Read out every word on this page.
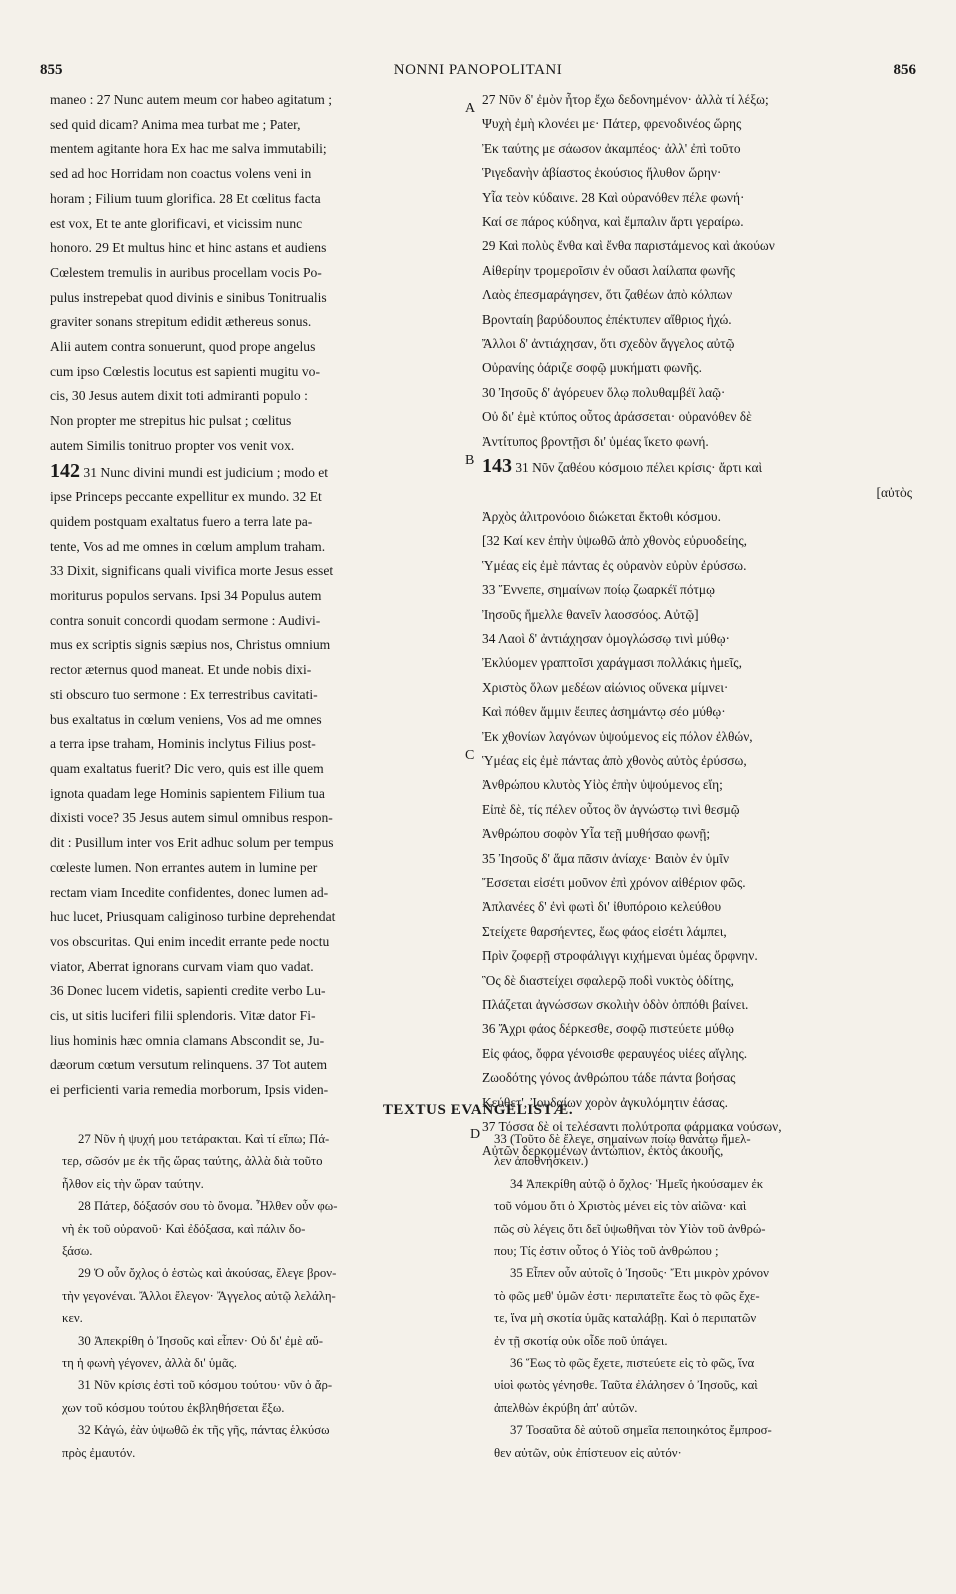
855	NONNI PANOPOLITANI	856
A
B
C
D
maneo : 27 Nunc autem meum cor habeo agitatum ;
sed quid dicam? Anima mea turbat me ; Pater,
mentem agitante hora Ex hac me salva immutabili;
sed ad hoc Horridam non coactus volens veni in
horam ; Filium tuum glorifica. 28 Et cœlitus facta
est vox, Et te ante glorificavi, et vicissim nunc
honoro. 29 Et multus hinc et hinc astans et audiens
Cœlestem tremulis in auribus procellam vocis Po-
pulus instrepebat quod divinis e sinibus Tonitrualis
graviter sonans strepitum edidit æthereus sonus.
Alii autem contra sonuerunt, quod prope angelus
cum ipso Cœlestis locutus est sapienti mugitu vo-
cis, 30 Jesus autem dixit toti admiranti populo :
Non propter me strepitus hic pulsat ; cœlitus
autem Similis tonitruo propter vos venit vox.
142 31 Nunc divini mundi est judicium ; modo et
ipse Princeps peccante expellitur ex mundo. 32 Et
quidem postquam exaltatus fuero a terra late pa-
tente, Vos ad me omnes in cœlum amplum traham.
33 Dixit, significans quali vivifica morte Jesus esset
moriturus populos servans. Ipsi 34 Populus autem
contra sonuit concordi quodam sermone : Audivi-
mus ex scriptis signis sæpius nos, Christus omnium
rector æternus quod maneat. Et unde nobis dixi-
sti obscuro tuo sermone : Ex terrestribus cavitati-
bus exaltatus in cœlum veniens, Vos ad me omnes
a terra ipse traham, Hominis inclytus Filius post-
quam exaltatus fuerit? Dic vero, quis est ille quem
ignota quadam lege Hominis sapientem Filium tua
dixisti voce? 35 Jesus autem simul omnibus respon-
dit : Pusillum inter vos Erit adhuc solum per tempus
cœleste lumen. Non errantes autem in lumine per
rectam viam Incedite confidentes, donec lumen ad-
huc lucet, Priusquam caliginoso turbine deprehendat
vos obscuritas. Qui enim incedit errante pede noctu
viator, Aberrat ignorans curvam viam quo vadat.
36 Donec lucem videtis, sapienti credite verbo Lu-
cis, ut sitis luciferi filii splendoris. Vitæ dator Fi-
lius hominis hæc omnia clamans Abscondit se, Ju-
dæorum cœtum versutum relinquens. 37 Tot autem
ei perficienti varia remedia morborum, Ipsis viden-
27 Νῦν δ' ἐμὸν ἦτορ ἔχω δεδονημένον· ἀλλὰ τί λέξω;
Ψυχὴ ἐμὴ κλονέει με· Πάτερ, φρενοδινέος ὥρης
Ἐκ ταύτης με σάωσον ἀκαμπέος· ἀλλ' ἐπὶ τοῦτο
Ῥιγεδανὴν ἀβίαστος ἑκούσιος ἤλυθον ὥρην·
Υἷα τεὸν κύδαινε. 28 Καὶ οὐρανόθεν πέλε φωνή·
Καί σε πάρος κύδηνα, καὶ ἔμπαλιν ἄρτι γεραίρω.
29 Καὶ πολὺς ἔνθα καὶ ἔνθα παριστάμενος καὶ ἀκούων
Αἰθερίην τρομεροῖσιν ἐν οὔασι λαίλαπα φωνῆς
Λαὸς ἐπεσμαράγησεν, ὅτι ζαθέων ἀπὸ κόλπων
Βρονταίη βαρύδουπος ἐπέκτυπεν αἴθριος ἠχώ.
Ἄλλοι δ' ἀντιάχησαν, ὅτι σχεδὸν ἄγγελος αὐτῷ
Οὐρανίης ὀάριζε σοφῷ μυκήματι φωνῆς.
30 Ἰησοῦς δ' ἀγόρευεν ὅλῳ πολυθαμβέϊ λαῷ·
Οὐ δι' ἐμὲ κτύπος οὗτος ἀράσσεται· οὐρανόθεν δὲ
Ἀντίτυπος βροντῇσι δι' ὑμέας ἵκετο φωνή.
143 31 Νῦν ζαθέου κόσμοιο πέλει κρίσις· ἄρτι καὶ
[αὐτὸς
Ἀρχὸς ἀλιτρονόοιο διώκεται ἔκτοθι κόσμου.
[32 Καί κεν ἐπὴν ὑψωθῶ ἀπὸ χθονὸς εὐρυοδείης,
Ὑμέας εἰς ἐμὲ πάντας ἐς οὐρανὸν εὐρὺν ἐρύσσω.
33 Ἔννεπε, σημαίνων ποίῳ ζωαρκέϊ πότμῳ
Ἰησοῦς ἤμελλε θανεῖν λαοσσόος. Αὐτῷ]
34 Λαοὶ δ' ἀντιάχησαν ὁμογλώσσῳ τινὶ μύθῳ·
Ἐκλύομεν γραπτοῖσι χαράγμασι πολλάκις ἡμεῖς,
Χριστὸς ὅλων μεδέων αἰώνιος οὕνεκα μίμνει·
Καὶ πόθεν ἄμμιν ἔειπες ἀσημάντῳ σέο μύθῳ·
Ἐκ χθονίων λαγόνων ὑψούμενος εἰς πόλον ἐλθών,
Ὑμέας εἰς ἐμὲ πάντας ἀπὸ χθονὸς αὐτὸς ἐρύσσω,
Ἀνθρώπου κλυτὸς Υἱὸς ἐπὴν ὑψούμενος εἴη;
Εἰπὲ δὲ, τίς πέλεν οὗτος ὃν ἀγνώστῳ τινὶ θεσμῷ
Ἀνθρώπου σοφὸν Υἷα τεῇ μυθήσαο φωνῇ;
35 Ἰησοῦς δ' ἅμα πᾶσιν ἀνίαχε· Βαιὸν ἐν ὑμῖν
Ἔσσεται εἰσέτι μοῦνον ἐπὶ χρόνον αἰθέριον φῶς.
Ἀπλανέες δ' ἐνὶ φωτὶ δι' ἰθυπόροιο κελεύθου
Στείχετε θαρσήεντες, ἕως φάος εἰσέτι λάμπει,
Πρὶν ζοφερῇ στροφάλιγγι κιχήμεναι ὑμέας ὄρφνην.
Ὃς δὲ διαστείχει σφαλερῷ ποδὶ νυκτὸς ὁδίτης,
Πλάζεται ἀγνώσσων σκολιὴν ὁδὸν ὀππόθι βαίνει.
36 Ἄχρι φάος δέρκεσθε, σοφῷ πιστεύετε μύθῳ
Εἰς φάος, ὄφρα γένοισθε φεραυγέος υἱέες αἴγλης.
Ζωοδότης γόνος ἀνθρώπου τάδε πάντα βοήσας
Κεύθετ', Ἰουδαίων χορὸν ἀγκυλόμητιν ἐάσας.
37 Τόσσα δὲ οἱ τελέσαντι πολύτροπα φάρμακα νούσων,
Αὐτῶν δερκομένων ἀντώπιον, ἐκτὸς ἀκουῆς,
TEXTUS EVANGELISTÆ.
27 Νῦν ἡ ψυχή μου τετάρακται. Καὶ τί εἴπω; Πά-
τερ, σῶσόν με ἐκ τῆς ὥρας ταύτης, ἀλλὰ διὰ τοῦτο
ἦλθον εἰς τὴν ὥραν ταύτην.
28 Πάτερ, δόξασόν σου τὸ ὄνομα. Ἦλθεν οὖν φω-
νὴ ἐκ τοῦ οὐρανοῦ· Καὶ ἐδόξασα, καὶ πάλιν δο-
ξάσω.
29 Ὁ οὖν ὄχλος ὁ ἑστὼς καὶ ἀκούσας, ἔλεγε βρον-
τὴν γεγονέναι. Ἄλλοι ἔλεγον· Ἄγγελος αὐτῷ λελάλη-
κεν.
30 Ἀπεκρίθη ὁ Ἰησοῦς καὶ εἶπεν· Οὐ δι' ἐμὲ αὕ-
τη ἡ φωνὴ γέγονεν, ἀλλὰ δι' ὑμᾶς.
31 Νῦν κρίσις ἐστὶ τοῦ κόσμου τούτου· νῦν ὁ ἄρ-
χων τοῦ κόσμου τούτου ἐκβληθήσεται ἔξω.
32 Κἀγώ, ἐὰν ὑψωθῶ ἐκ τῆς γῆς, πάντας ἑλκύσω
πρὸς ἐμαυτόν.
33 (Τοῦτο δὲ ἔλεγε, σημαίνων ποίῳ θανάτῳ ἤμελ-
λεν ἀποθνήσκειν.)
34 Ἀπεκρίθη αὐτῷ ὁ ὄχλος· Ἡμεῖς ἠκούσαμεν ἐκ
τοῦ νόμου ὅτι ὁ Χριστὸς μένει εἰς τὸν αἰῶνα· καὶ
πῶς σὺ λέγεις ὅτι δεῖ ὑψωθῆναι τὸν Υἱὸν τοῦ ἀνθρώ-
που; Τίς ἐστιν οὗτος ὁ Υἱὸς τοῦ ἀνθρώπου ;
35 Εἶπεν οὖν αὐτοῖς ὁ Ἰησοῦς· Ἔτι μικρὸν χρόνον
τὸ φῶς μεθ' ὑμῶν ἐστι· περιπατεῖτε ἕως τὸ φῶς ἔχε-
τε, ἵνα μὴ σκοτία ὑμᾶς καταλάβῃ. Καὶ ὁ περιπατῶν
ἐν τῇ σκοτίᾳ οὐκ οἶδε ποῦ ὑπάγει.
36 Ἕως τὸ φῶς ἔχετε, πιστεύετε εἰς τὸ φῶς, ἵνα
υἱοὶ φωτὸς γένησθε. Ταῦτα ἐλάλησεν ὁ Ἰησοῦς, καὶ
ἀπελθὼν ἐκρύβη ἀπ' αὐτῶν.
37 Τοσαῦτα δὲ αὐτοῦ σημεῖα πεποιηκότος ἔμπροσ-
θεν αὐτῶν, οὐκ ἐπίστευον εἰς αὐτόν·
